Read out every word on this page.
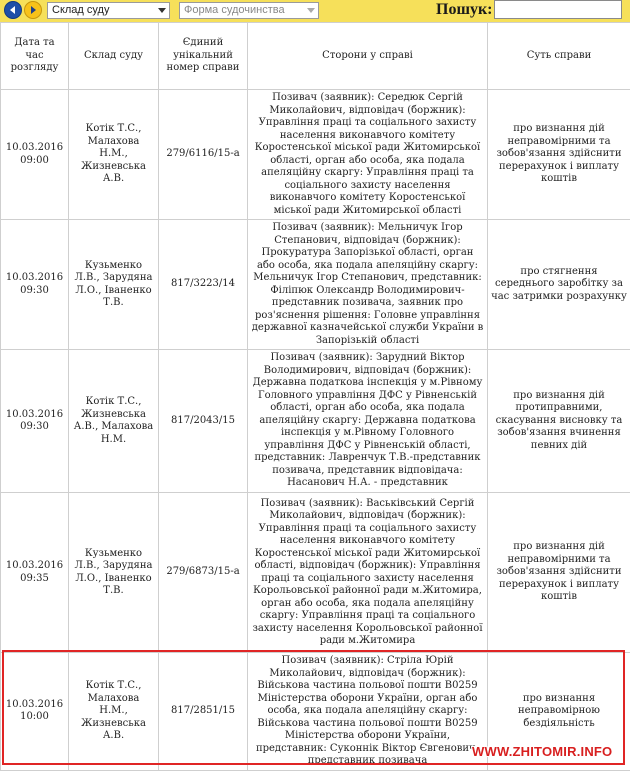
Склад суду	Форма судочинства	Пошук:
Дата та час розгляду	Склад суду	Єдиний унікальний номер справи	Сторони у справі	Суть справи
10.03.2016 09:00	Котік Т.С., Малахова Н.М., Жизневська А.В.	279/6116/15-а	Позивач (заявник): Середюк Сергій Миколайович, відповідач (боржник): Управління праці та соціального захисту населення виконавчого комітету Коростенської міської ради Житомирської області, орган або особа, яка подала апеляційну скаргу: Управління праці та соціального захисту населення виконавчого комітету Коростенської міської ради Житомирської області	про визнання дій неправомірними та зобов'язання здійснити перерахунок і виплату коштів
10.03.2016 09:30	Кузьменко Л.В., Зарудяна Л.О., Іваненко Т.В.	817/3223/14	Позивач (заявник): Мельничук Ігор Степанович, відповідач (боржник): Прокуратура Запорізької області, орган або особа, яка подала апеляційну скаргу: Мельничук Ігор Степанович, представник: Філіпюк Олександр Володимирович-представник позивача, заявник про роз'яснення рішення: Головне управління державної казначейської служби України в Запорізькій області	про стягнення середнього заробітку за час затримки розрахунку
10.03.2016 09:30	Котік Т.С., Жизневська А.В., Малахова Н.М.	817/2043/15	Позивач (заявник): Зарудний Віктор Володимирович, відповідач (боржник): Державна податкова інспекція у м.Рівному Головного управління ДФС у Рівненській області, орган або особа, яка подала апеляційну скаргу: Державна податкова інспекція у м.Рівному Головного управління ДФС у Рівненській області, представник: Лавренчук Т.В.-представник позивача, представник відповідача: Насанович Н.А. - представник	про визнання дій протиправними, скасування висновку та зобов'язання вчинення певних дій
10.03.2016 09:35	Кузьменко Л.В., Зарудяна Л.О., Іваненко Т.В.	279/6873/15-а	Позивач (заявник): Васьківський Сергій Миколайович, відповідач (боржник): Управління праці та соціального захисту населення виконавчого комітету Коростенської міської ради Житомирської області, відповідач (боржник): Управління праці та соціального захисту населення Корольовської районної ради м.Житомира, орган або особа, яка подала апеляційну скаргу: Управління праці та соціального захисту населення Корольовської районної ради м.Житомира	про визнання дій неправомірними та зобов'язання здійснити перерахунок і виплату коштів
10.03.2016 10:00	Котік Т.С., Малахова Н.М., Жизневська А.В.	817/2851/15	Позивач (заявник): Стріла Юрій Миколайович, відповідач (боржник): Військова частина польової пошти В0259 Міністерства оборони України, орган або особа, яка подала апеляційну скаргу: Військова частина польової пошти В0259 Міністерства оборони України, представник: Суконнік Віктор Євгенович- представник позивача	про визнання неправомірною бездіяльність
WWW.ZHITOMIR.INFO
